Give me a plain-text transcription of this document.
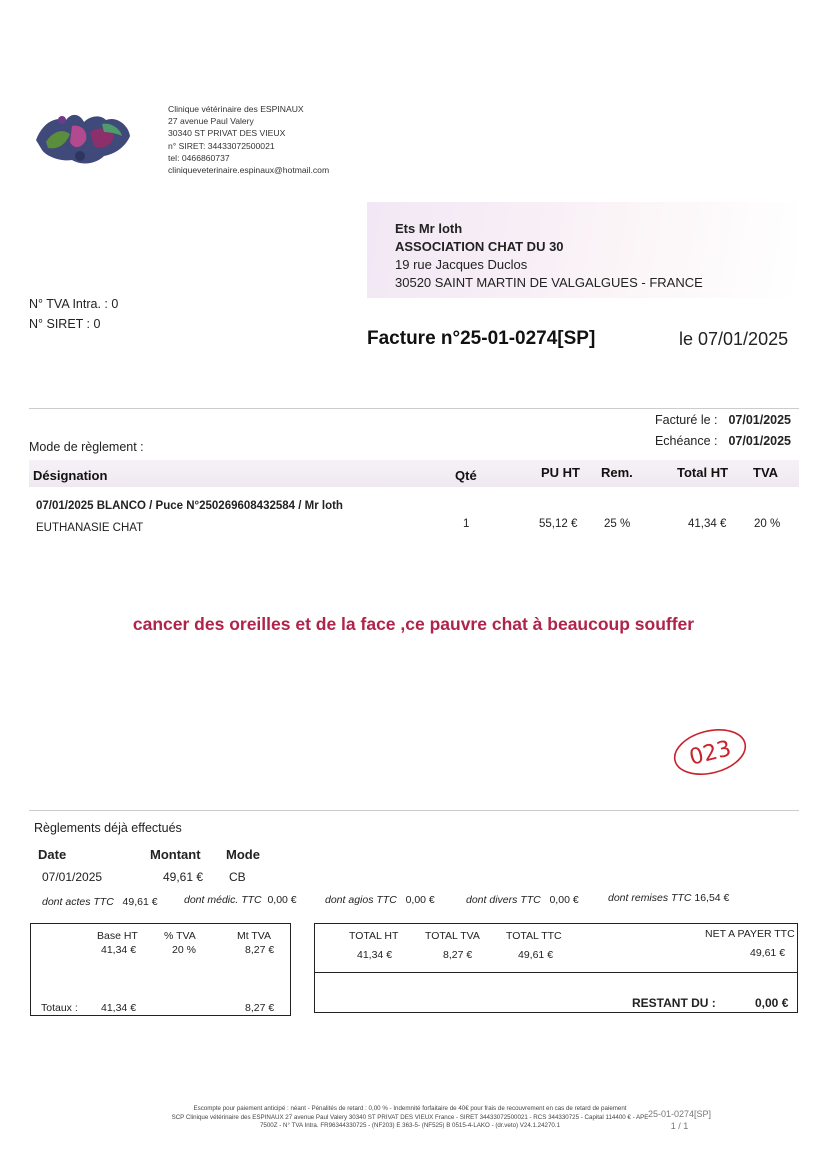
Clinique vétérinaire des ESPINAUX
27 avenue Paul Valery
30340 ST PRIVAT DES VIEUX
n° SIRET: 34433072500021
tel: 0466860737
cliniqueveterinaire.espinaux@hotmail.com
Ets Mr loth
ASSOCIATION CHAT DU 30
19 rue Jacques Duclos
30520 SAINT MARTIN DE VALGALGUES - FRANCE
N° TVA Intra. : 0
N° SIRET : 0
Facture n°25-01-0274[SP]	le 07/01/2025
Facturé le : 07/01/2025
Echéance : 07/01/2025
Mode de règlement :
Désignation	Qté	PU HT Rem.	Total HT TVA
07/01/2025 BLANCO / Puce N°250269608432584 / Mr loth
EUTHANASIE CHAT	1	55,12 € 25 %	41,34 € 20 %
cancer des oreilles et de la face ,ce pauvre chat à beaucoup souffer
023
Règlements déjà effectués
Date	Montant Mode
07/01/2025	49,61 € CB
dont actes TTC 49,61 €	dont médic. TTC 0,00 €	dont agios TTC 0,00 €	dont divers TTC 0,00 €	dont remises TTC 16,54 €
Base HT % TVA	Mt TVA
41,34 €	20 %	8,27 €
Totaux : 41,34 €	8,27 €
TOTAL HT	TOTAL TVA TOTAL TTC	NET A PAYER TTC
41,34 €	8,27 €	49,61 €	49,61 €
RESTANT DU :	0,00 €
Escompte pour paiement anticipé : néant - Pénalités de retard : 0,00 % - Indemnité forfaitaire de 40€ pour frais de recouvrement en cas de retard de paiement
SCP Clinique vétérinaire des ESPINAUX 27 avenue Paul Valery 30340 ST PRIVAT DES VIEUX France - SIRET 34433072500021 - RCS 344330725 - Capital 114400 € - APE
7500Z - N° TVA Intra. FR96344330725 - (NF203) E 363-5- (NF525) B 0515-4-LAKO - (dr.veto) V24.1.24270.1
25-01-0274[SP]
1 / 1
